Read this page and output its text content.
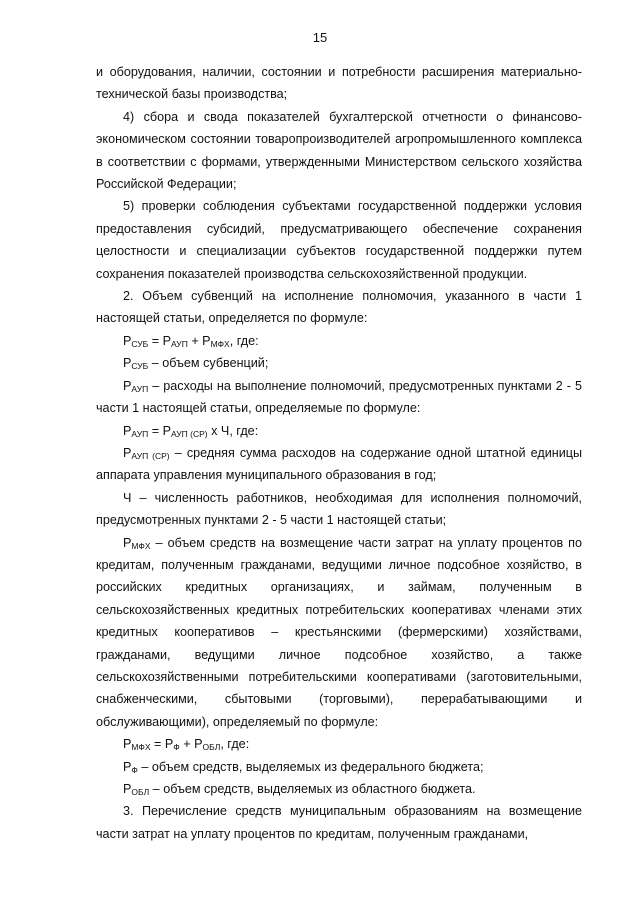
15

и оборудования, наличии, состоянии и потребности расширения материально-технической базы производства;

4) сбора и свода показателей бухгалтерской отчетности о финансово-экономическом состоянии товаропроизводителей агропромышленного комплекса в соответствии с формами, утвержденными Министерством сельского хозяйства Российской Федерации;

5) проверки соблюдения субъектами государственной поддержки условия предоставления субсидий, предусматривающего обеспечение сохранения целостности и специализации субъектов государственной поддержки путем сохранения показателей производства сельскохозяйственной продукции.

2. Объем субвенций на исполнение полномочия, указанного в части 1 настоящей статьи, определяется по формуле:

$Р_{СУБ} = Р_{АУП} + Р_{МФХ}$, где:

$Р_{СУБ}$ – объем субвенций;

$Р_{АУП}$ – расходы на выполнение полномочий, предусмотренных пунктами 2 - 5 части 1 настоящей статьи, определяемые по формуле:

$Р_{АУП} = Р_{АУП (СР)}$ х Ч, где:

$Р_{АУП (СР)}$ – средняя сумма расходов на содержание одной штатной единицы аппарата управления муниципального образования в год;

Ч – численность работников, необходимая для исполнения полномочий, предусмотренных пунктами 2 - 5 части 1 настоящей статьи;

$Р_{МФХ}$ – объем средств на возмещение части затрат на уплату процентов по кредитам, полученным гражданами, ведущими личное подсобное хозяйство, в российских кредитных организациях, и займам, полученным в сельскохозяйственных кредитных потребительских кооперативах членами этих кредитных кооперативов – крестьянскими (фермерскими) хозяйствами, гражданами, ведущими личное подсобное хозяйство, а также сельскохозяйственными потребительскими кооперативами (заготовительными, снабженческими, сбытовыми (торговыми), перерабатывающими и обслуживающими), определяемый по формуле:

$Р_{МФХ} = Р_Ф + Р_{ОБЛ}$, где:

$Р_Ф$ – объем средств, выделяемых из федерального бюджета;

$Р_{ОБЛ}$ – объем средств, выделяемых из областного бюджета.

3. Перечисление средств муниципальным образованиям на возмещение части затрат на уплату процентов по кредитам, полученным гражданами,
